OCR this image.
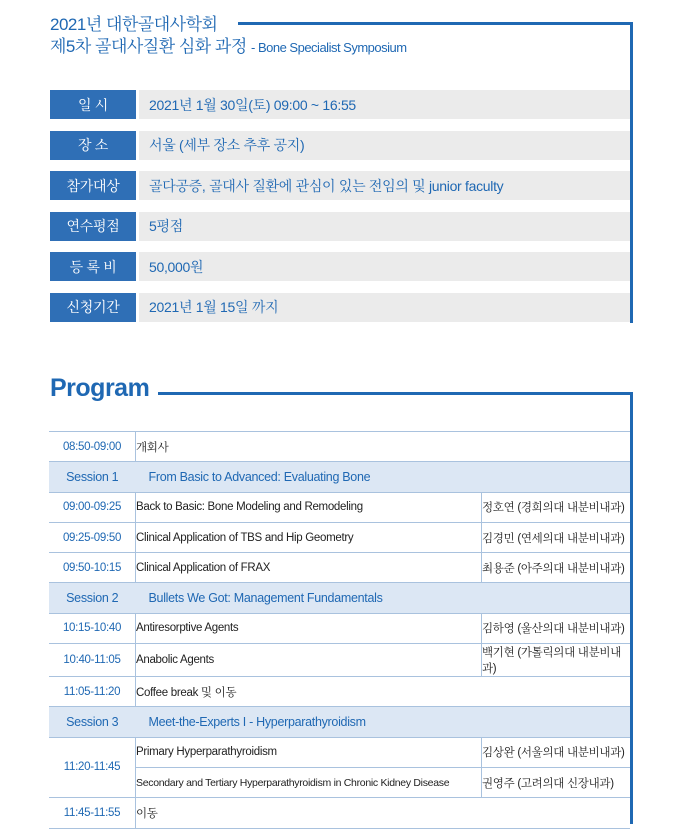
2021년 대한골대사학회
제5차 골대사질환 심화 과정 - Bone Specialist Symposium
일 시	2021년 1월 30일(토) 09:00 ~ 16:55
장 소	서울 (세부 장소 추후 공지)
참가대상	골다공증, 골대사 질환에 관심이 있는 전임의 및 junior faculty
연수평점	5평점
등 록 비	50,000원
신청기간	2021년 1월 15일 까지
Program
08:50-09:00	개회사	
Session 1	From Basic to Advanced: Evaluating Bone	
09:00-09:25	Back to Basic: Bone Modeling and Remodeling	정호연 (경희의대 내분비내과)
09:25-09:50	Clinical Application of TBS and Hip Geometry	김경민 (연세의대 내분비내과)
09:50-10:15	Clinical Application of FRAX	최용준 (아주의대 내분비내과)
Session 2	Bullets We Got: Management Fundamentals	
10:15-10:40	Antiresorptive Agents	김하영 (울산의대 내분비내과)
10:40-11:05	Anabolic Agents	백기현 (가톨릭의대 내분비내과)
11:05-11:20	Coffee break 및 이동	
Session 3	Meet-the-Experts I - Hyperparathyroidism	
11:20-11:45	Primary Hyperparathyroidism	김상완 (서울의대 내분비내과)
	Secondary and Tertiary Hyperparathyroidism in Chronic Kidney Disease	권영주 (고려의대 신장내과)
11:45-11:55	이동	
